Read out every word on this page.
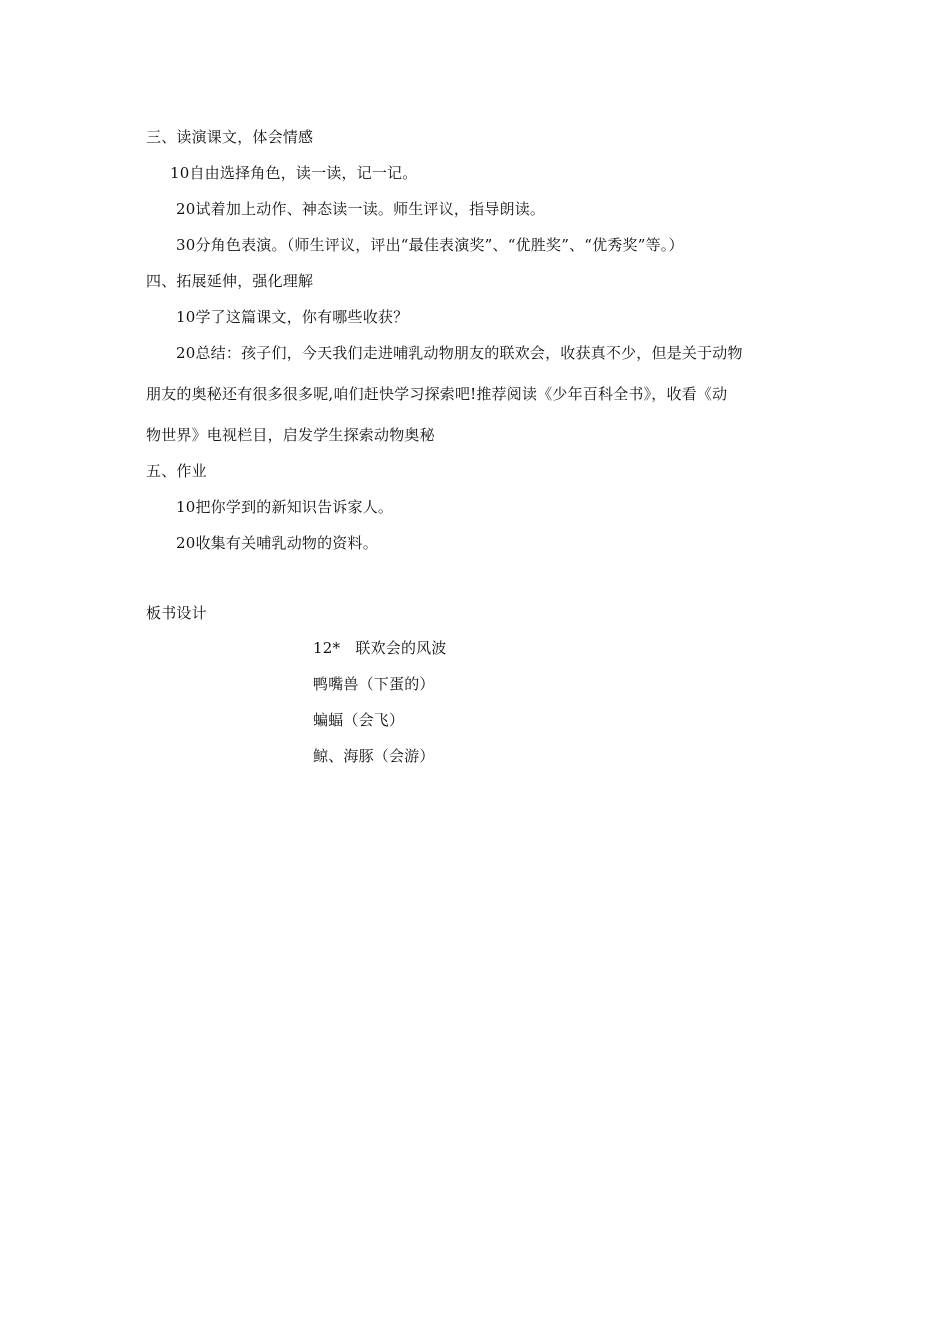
三、读演课文，体会情感
10自由选择角色，读一读，记一记。
20试着加上动作、神态读一读。师生评议，指导朗读。
30分角色表演。（师生评议，评出“最佳表演奖”、“优胜奖”、“优秀奖”等。）
四、拓展延伸，强化理解
10学了这篇课文，你有哪些收获？
20总结：孩子们，今天我们走进哺乳动物朋友的联欢会，收获真不少，但是关于动物
朋友的奥秘还有很多很多呢,咱们赶快学习探索吧!推荐阅读《少年百科全书》，收看《动
物世界》电视栏目，启发学生探索动物奥秘
五、作业
10把你学到的新知识告诉家人。
20收集有关哺乳动物的资料。
板书设计
12*　联欢会的风波
鸭嘴兽（下蛋的）
蝙蝠（会飞）
鲸、海豚（会游）
